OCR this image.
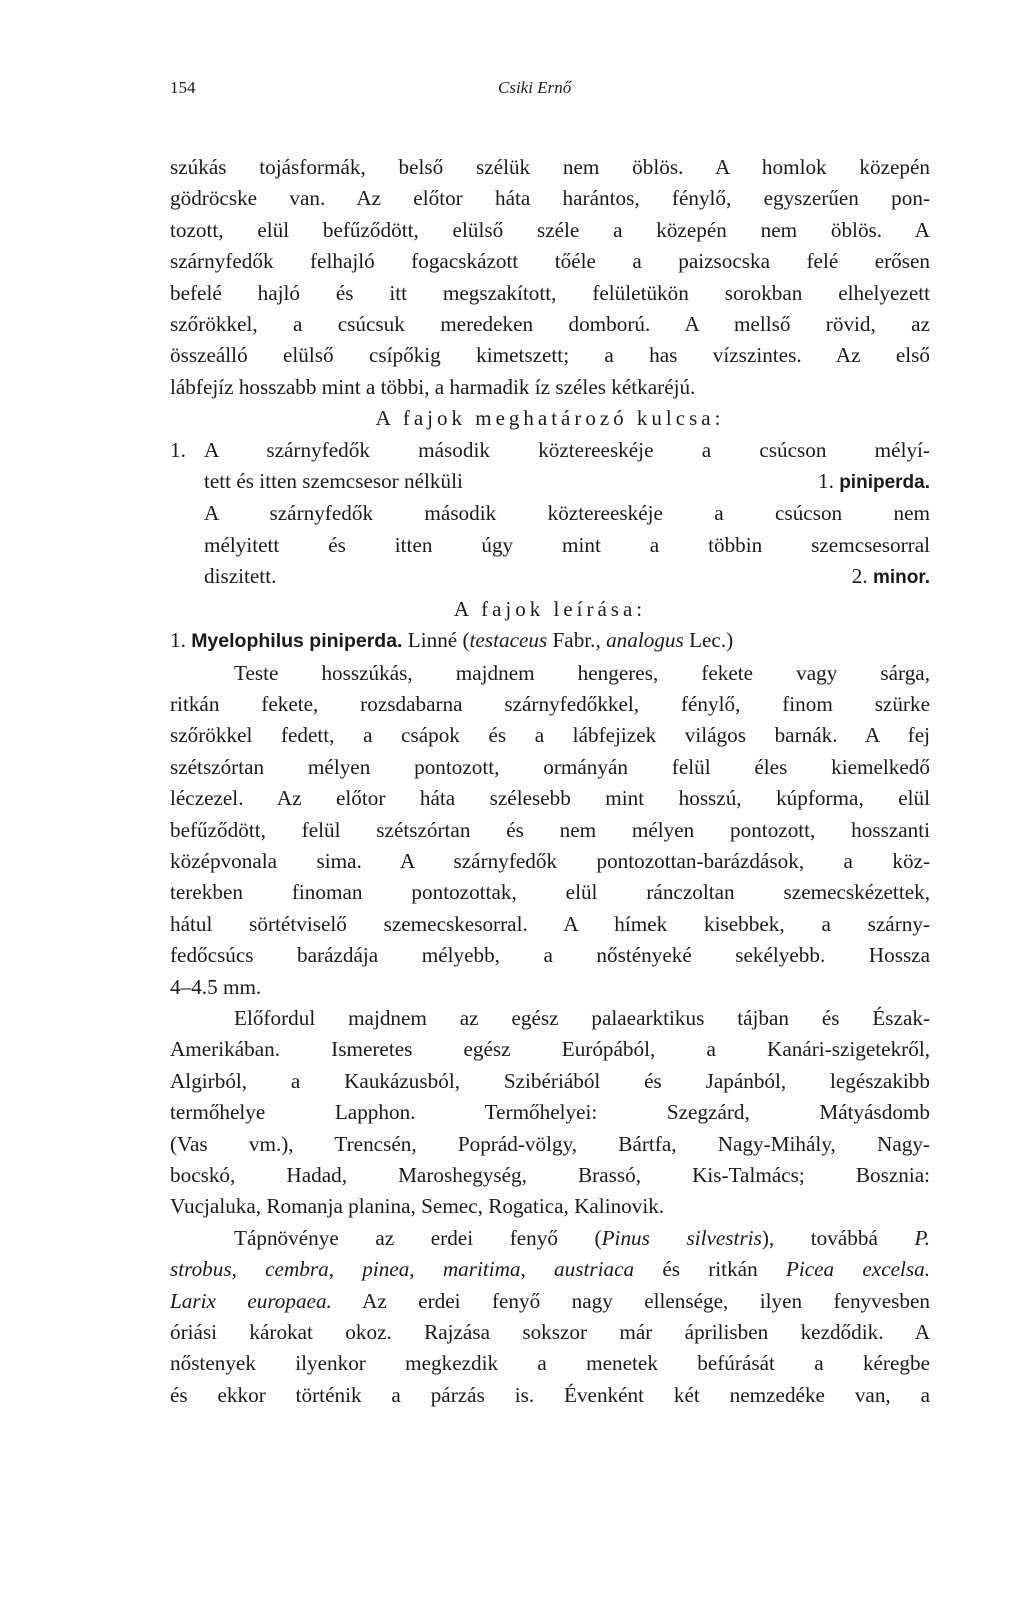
154	Csiki Ernő

szúkás tojásformák, belső szélük nem öblös. A homlok közepén

gödröcske van. Az előtor háta harántos, fénylő, egyszerűen pon-

tozott, elül befűződött, elülső széle a közepén nem öblös. A

szárnyfedők felhajló fogacskázott tőéle a paizsocska felé erősen

befelé hajló és itt megszakított, felületükön sorokban elhelyezett

szőrökkel, a csúcsuk meredeken domború. A mellső rövid, az

összeálló elülső csípőkig kimetszett; a has vízszintes. Az első

lábfejíz hosszabb mint a többi, a harmadik íz széles kétkaréjú.

A fajok meghatározó kulcsa:

1. A szárnyfedők második köztereeskéje a csúcson mélyí-

tett és itten szemcsesor nélküli	1. piniperda.

A szárnyfedők második köztereeskéje a csúcson nem

mélyitett és itten úgy mint a többin szemcsesorral

diszitett.	2. minor.

A fajok leírása:

1. Myelophilus piniperda. Linné (testaceus Fabr., analogus Lec.)

Teste hosszúkás, majdnem hengeres, fekete vagy sárga,

ritkán fekete, rozsdabarna szárnyfedőkkel, fénylő, finom szürke

szőrökkel fedett, a csápok és a lábfejizek világos barnák. A fej

szétszórtan mélyen pontozott, ormányán felül éles kiemelkedő

léczezel. Az előtor háta szélesebb mint hosszú, kúpforma, elül

befűződött, felül szétszórtan és nem mélyen pontozott, hosszanti

középvonala sima. A szárnyfedők pontozottan-barázdások, a köz-

terekben finoman pontozottak, elül ránczoltan szemecskézettek,

hátul sörtétviselő szemecskesorral. A hímek kisebbek, a szárny-

fedőcsúcs barázdája mélyebb, a nőstényeké sekélyebb. Hossza

4–4.5 mm.

Előfordul majdnem az egész palaearktikus tájban és Észak-

Amerikában. Ismeretes egész Európából, a Kanári-szigetekről,

Algirból, a Kaukázusból, Szibériából és Japánból, legészakibb

termőhelye Lapphon. Termőhelyei: Szegzárd, Mátyásdomb

(Vas vm.), Trencsén, Poprád-völgy, Bártfa, Nagy-Mihály, Nagy-

bocskó, Hadad, Maroshegység, Brassó, Kis-Talmács; Bosznia:

Vucjaluka, Romanja planina, Semec, Rogatica, Kalinovik.

Tápnövénye az erdei fenyő (Pinus silvestris), továbbá P.

strobus, cembra, pinea, maritima, austriaca és ritkán Picea excelsa.

Larix europaea. Az erdei fenyő nagy ellensége, ilyen fenyvesben

óriási károkat okoz. Rajzása sokszor már áprilisben kezdődik. A

nőstenyek ilyenkor megkezdik a menetek befúrását a kéregbe

és ekkor történik a párzás is. Évenként két nemzedéke van, a
